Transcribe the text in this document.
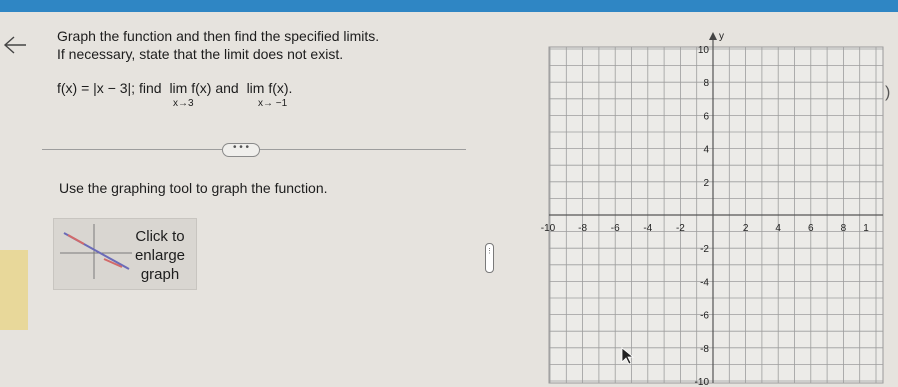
Graph the function and then find the specified limits.
If necessary, state that the limit does not exist.
f(x) = |x − 3|; find lim f(x) and lim f(x).
x→3	x→ −1
• • •
Use the graphing tool to graph the function.
Click to
enlarge
graph
⋮
)
y
-10 -8 -6 -4 -2	2	4	6	8 1
10
8
6
4
2
-2
-4
-6
-8
-10
